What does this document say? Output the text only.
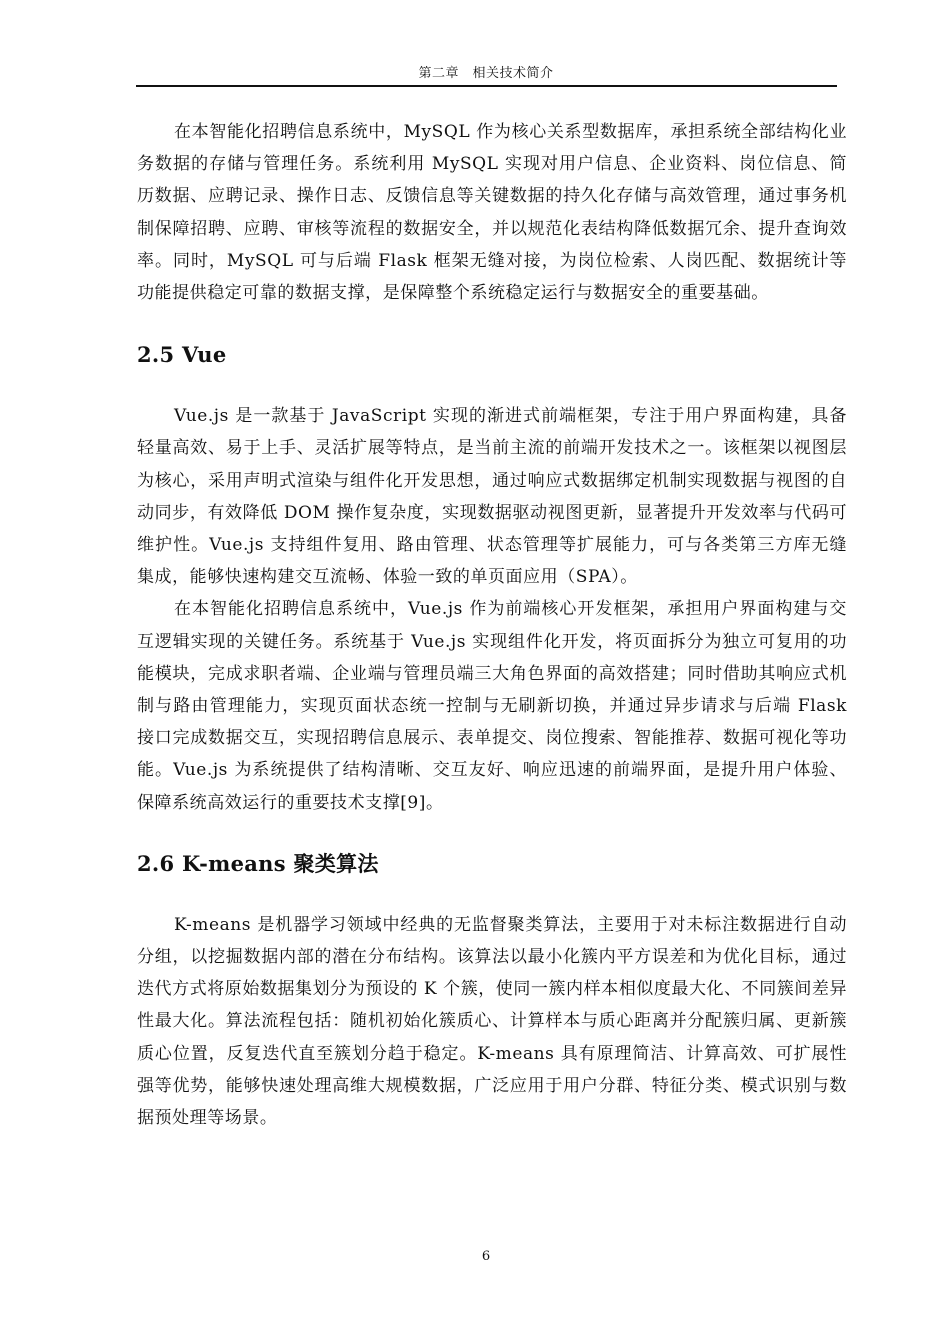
第二章　相关技术简介

在本智能化招聘信息系统中，MySQL 作为核心关系型数据库，承担系统全部结构化业务数据的存储与管理任务。系统利用 MySQL 实现对用户信息、企业资料、岗位信息、简历数据、应聘记录、操作日志、反馈信息等关键数据的持久化存储与高效管理，通过事务机制保障招聘、应聘、审核等流程的数据安全，并以规范化表结构降低数据冗余、提升查询效率。同时，MySQL 可与后端 Flask 框架无缝对接，为岗位检索、人岗匹配、数据统计等功能提供稳定可靠的数据支撑，是保障整个系统稳定运行与数据安全的重要基础。

2.5 Vue

Vue.js 是一款基于 JavaScript 实现的渐进式前端框架，专注于用户界面构建，具备轻量高效、易于上手、灵活扩展等特点，是当前主流的前端开发技术之一。该框架以视图层为核心，采用声明式渲染与组件化开发思想，通过响应式数据绑定机制实现数据与视图的自动同步，有效降低 DOM 操作复杂度，实现数据驱动视图更新，显著提升开发效率与代码可维护性。Vue.js 支持组件复用、路由管理、状态管理等扩展能力，可与各类第三方库无缝集成，能够快速构建交互流畅、体验一致的单页面应用（SPA）。

在本智能化招聘信息系统中，Vue.js 作为前端核心开发框架，承担用户界面构建与交互逻辑实现的关键任务。系统基于 Vue.js 实现组件化开发，将页面拆分为独立可复用的功能模块，完成求职者端、企业端与管理员端三大角色界面的高效搭建；同时借助其响应式机制与路由管理能力，实现页面状态统一控制与无刷新切换，并通过异步请求与后端 Flask 接口完成数据交互，实现招聘信息展示、表单提交、岗位搜索、智能推荐、数据可视化等功能。Vue.js 为系统提供了结构清晰、交互友好、响应迅速的前端界面，是提升用户体验、保障系统高效运行的重要技术支撑[9]。

2.6 K-means 聚类算法

K-means 是机器学习领域中经典的无监督聚类算法，主要用于对未标注数据进行自动分组，以挖掘数据内部的潜在分布结构。该算法以最小化簇内平方误差和为优化目标，通过迭代方式将原始数据集划分为预设的 K 个簇，使同一簇内样本相似度最大化、不同簇间差异性最大化。算法流程包括：随机初始化簇质心、计算样本与质心距离并分配簇归属、更新簇质心位置，反复迭代直至簇划分趋于稳定。K-means 具有原理简洁、计算高效、可扩展性强等优势，能够快速处理高维大规模数据，广泛应用于用户分群、特征分类、模式识别与数据预处理等场景。

6
